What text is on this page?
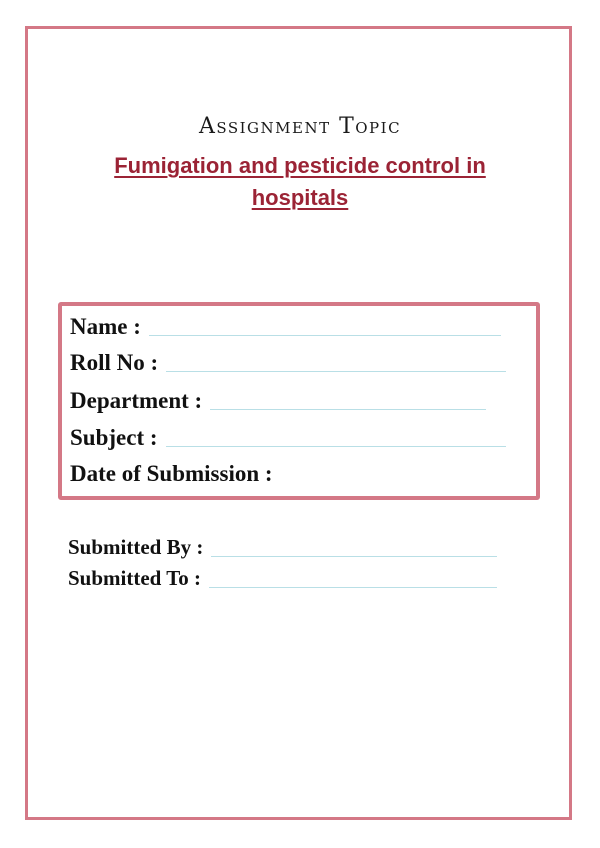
Assignment Topic
Fumigation and pesticide control in hospitals
Name :
Roll No :
Department :
Subject :
Date of Submission :
Submitted By :
Submitted To :
